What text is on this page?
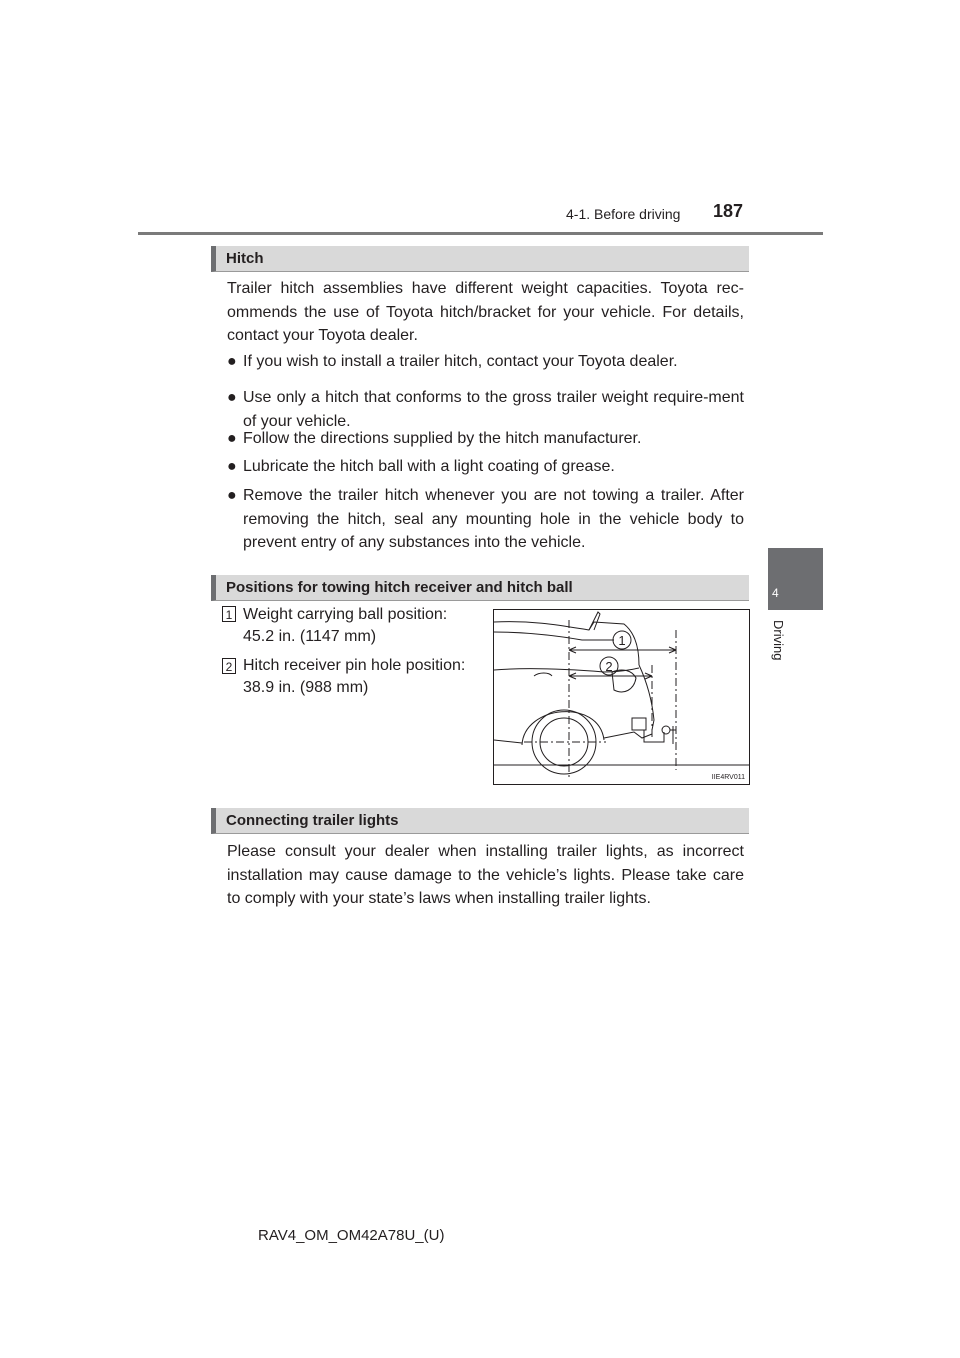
4-1. Before driving 187
4
Driving
Hitch
Trailer hitch assemblies have different weight capacities. Toyota rec-ommends the use of Toyota hitch/bracket for your vehicle. For details, contact your Toyota dealer.
● If you wish to install a trailer hitch, contact your Toyota dealer.
● Use only a hitch that conforms to the gross trailer weight require-ment of your vehicle.
● Follow the directions supplied by the hitch manufacturer.
● Lubricate the hitch ball with a light coating of grease.
● Remove the trailer hitch whenever you are not towing a trailer. After removing the hitch, seal any mounting hole in the vehicle body to prevent entry of any substances into the vehicle.
Positions for towing hitch receiver and hitch ball
1 Weight carrying ball position:
45.2 in. (1147 mm)
2 Hitch receiver pin hole position:
38.9 in. (988 mm)
1
2
IIE4RV011
Connecting trailer lights
Please consult your dealer when installing trailer lights, as incorrect installation may cause damage to the vehicle’s lights. Please take care to comply with your state’s laws when installing trailer lights.
RAV4_OM_OM42A78U_(U)
